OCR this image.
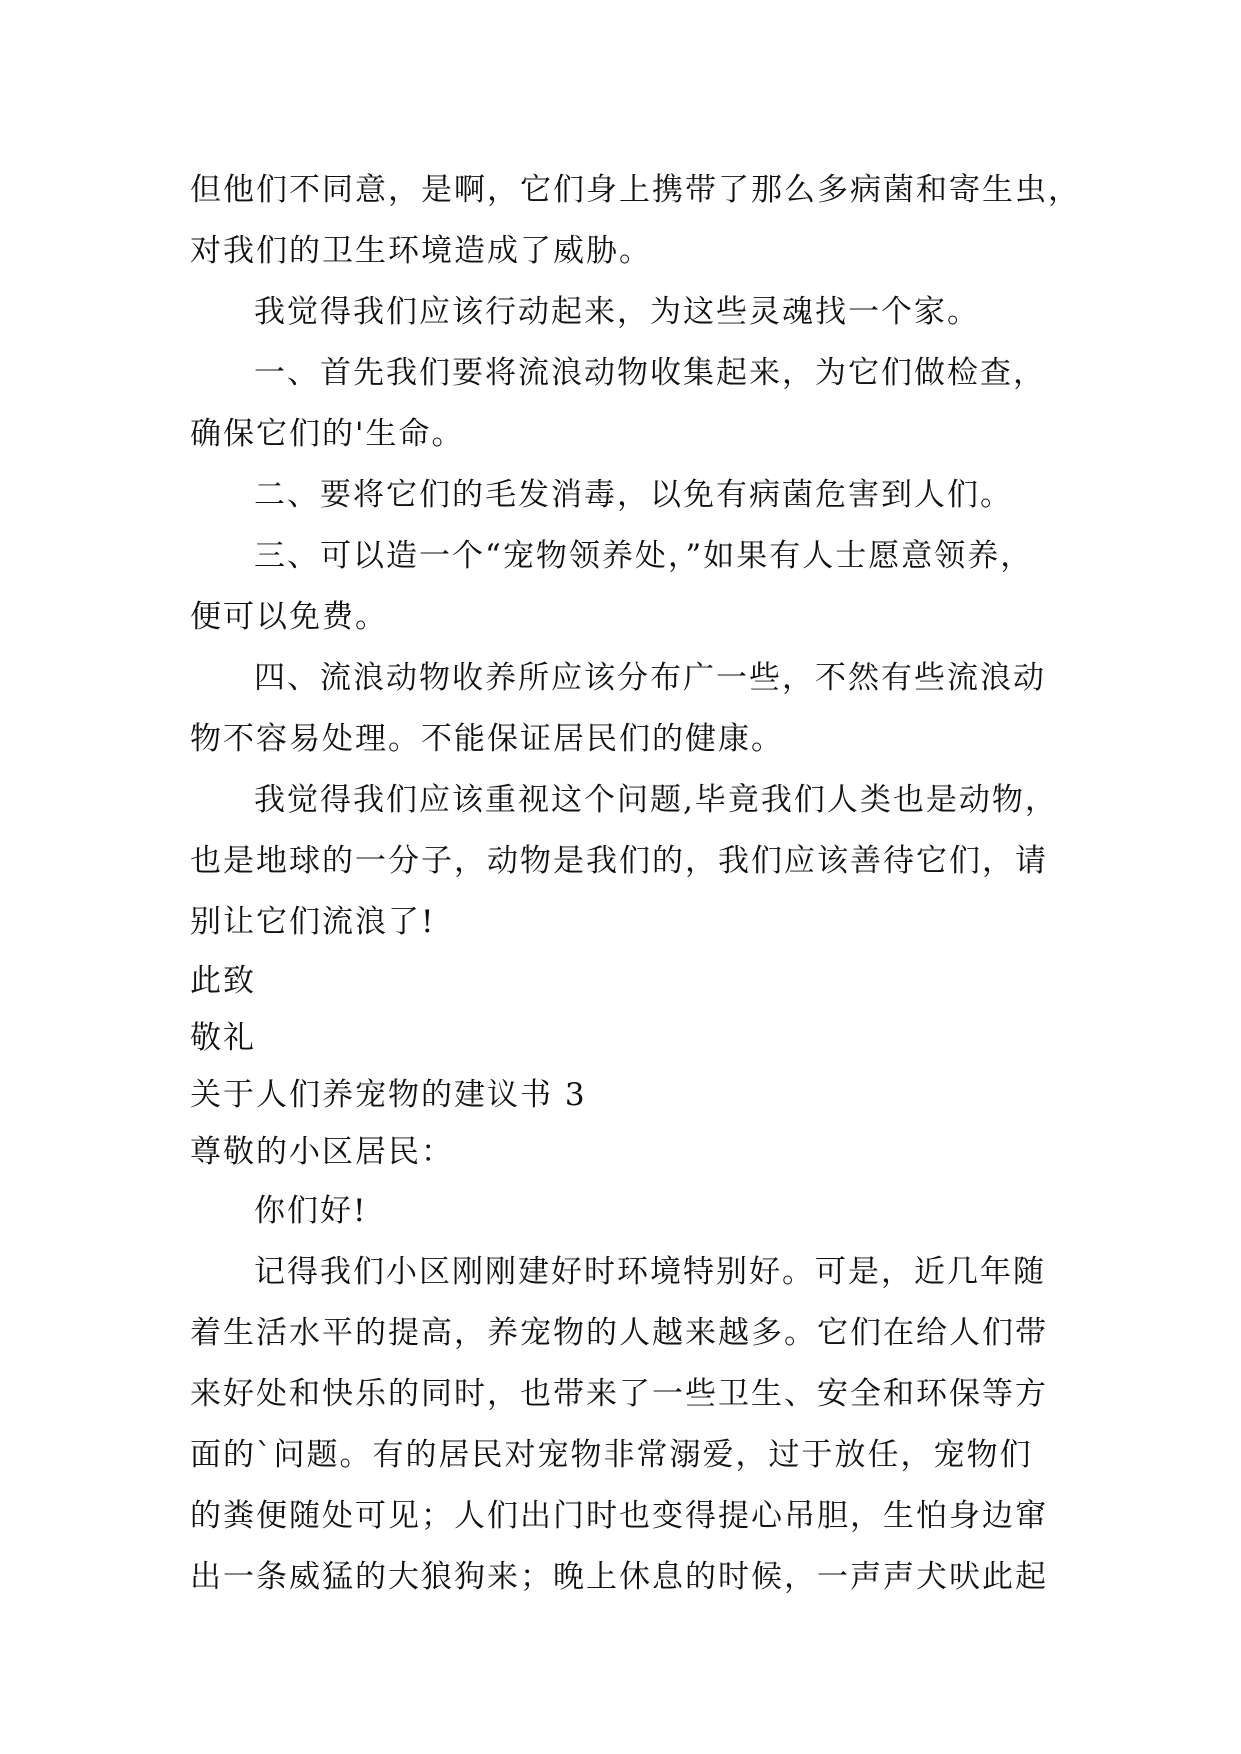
但他们不同意，是啊，它们身上携带了那么多病菌和寄生虫，
对我们的卫生环境造成了威胁。
我觉得我们应该行动起来，为这些灵魂找一个家。
一、首先我们要将流浪动物收集起来，为它们做检查，
确保它们的'生命。
二、要将它们的毛发消毒，以免有病菌危害到人们。
三、可以造一个“宠物领养处，”如果有人士愿意领养，
便可以免费。
四、流浪动物收养所应该分布广一些，不然有些流浪动
物不容易处理。不能保证居民们的健康。
我觉得我们应该重视这个问题,毕竟我们人类也是动物，
也是地球的一分子，动物是我们的，我们应该善待它们，请
别让它们流浪了!
此致
敬礼
关于人们养宠物的建议书 3
尊敬的小区居民：
你们好!
记得我们小区刚刚建好时环境特别好。可是，近几年随
着生活水平的提高，养宠物的人越来越多。它们在给人们带
来好处和快乐的同时，也带来了一些卫生、安全和环保等方
面的`问题。有的居民对宠物非常溺爱，过于放任，宠物们
的粪便随处可见；人们出门时也变得提心吊胆，生怕身边窜
出一条威猛的大狼狗来；晚上休息的时候，一声声犬吠此起
